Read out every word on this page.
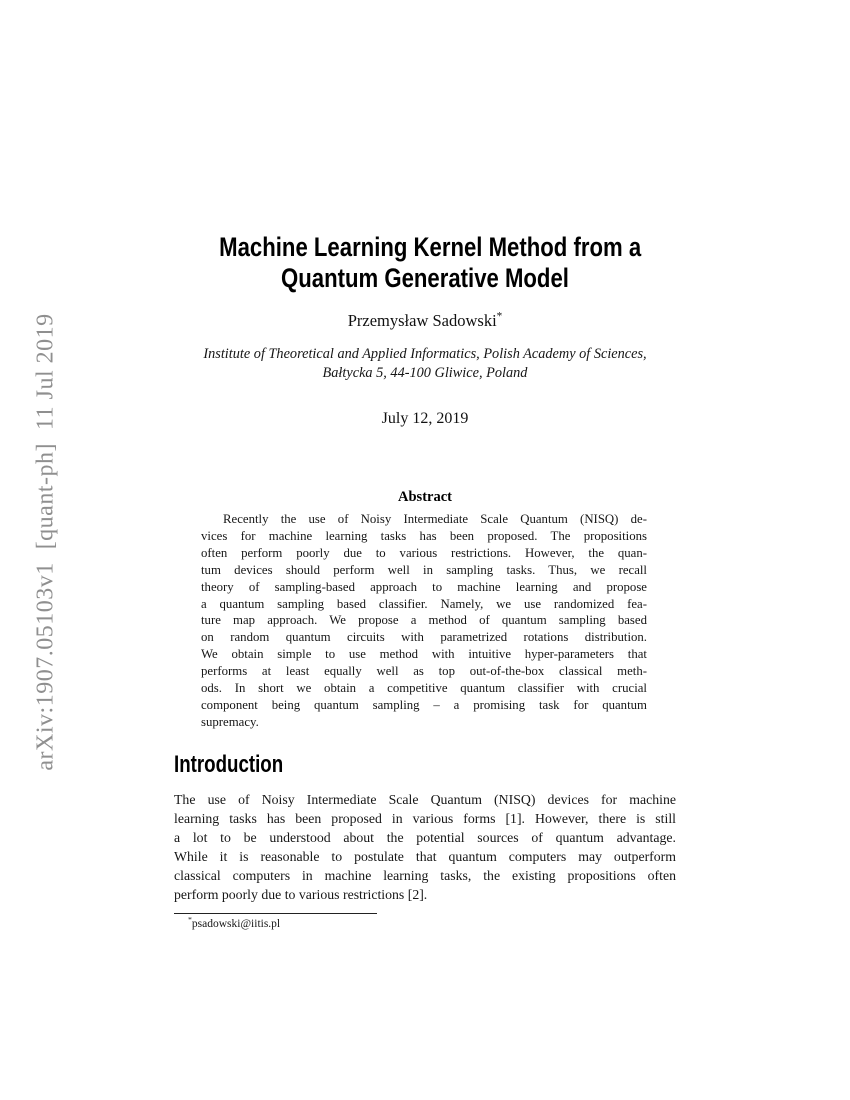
arXiv:1907.05103v1  [quant-ph]  11 Jul 2019
Machine Learning Kernel Method from a
Quantum Generative Model
Przemysław Sadowski*
Institute of Theoretical and Applied Informatics, Polish Academy of Sciences,
Bałtycka 5, 44-100 Gliwice, Poland
July 12, 2019
Abstract
Recently the use of Noisy Intermediate Scale Quantum (NISQ) de-
vices for machine learning tasks has been proposed. The propositions
often perform poorly due to various restrictions. However, the quan-
tum devices should perform well in sampling tasks. Thus, we recall
theory of sampling-based approach to machine learning and propose
a quantum sampling based classifier. Namely, we use randomized fea-
ture map approach. We propose a method of quantum sampling based
on random quantum circuits with parametrized rotations distribution.
We obtain simple to use method with intuitive hyper-parameters that
performs at least equally well as top out-of-the-box classical meth-
ods. In short we obtain a competitive quantum classifier with crucial
component being quantum sampling – a promising task for quantum
supremacy.
Introduction
The use of Noisy Intermediate Scale Quantum (NISQ) devices for machine
learning tasks has been proposed in various forms [1]. However, there is still
a lot to be understood about the potential sources of quantum advantage.
While it is reasonable to postulate that quantum computers may outperform
classical computers in machine learning tasks, the existing propositions often
perform poorly due to various restrictions [2].
*psadowski@iitis.pl
